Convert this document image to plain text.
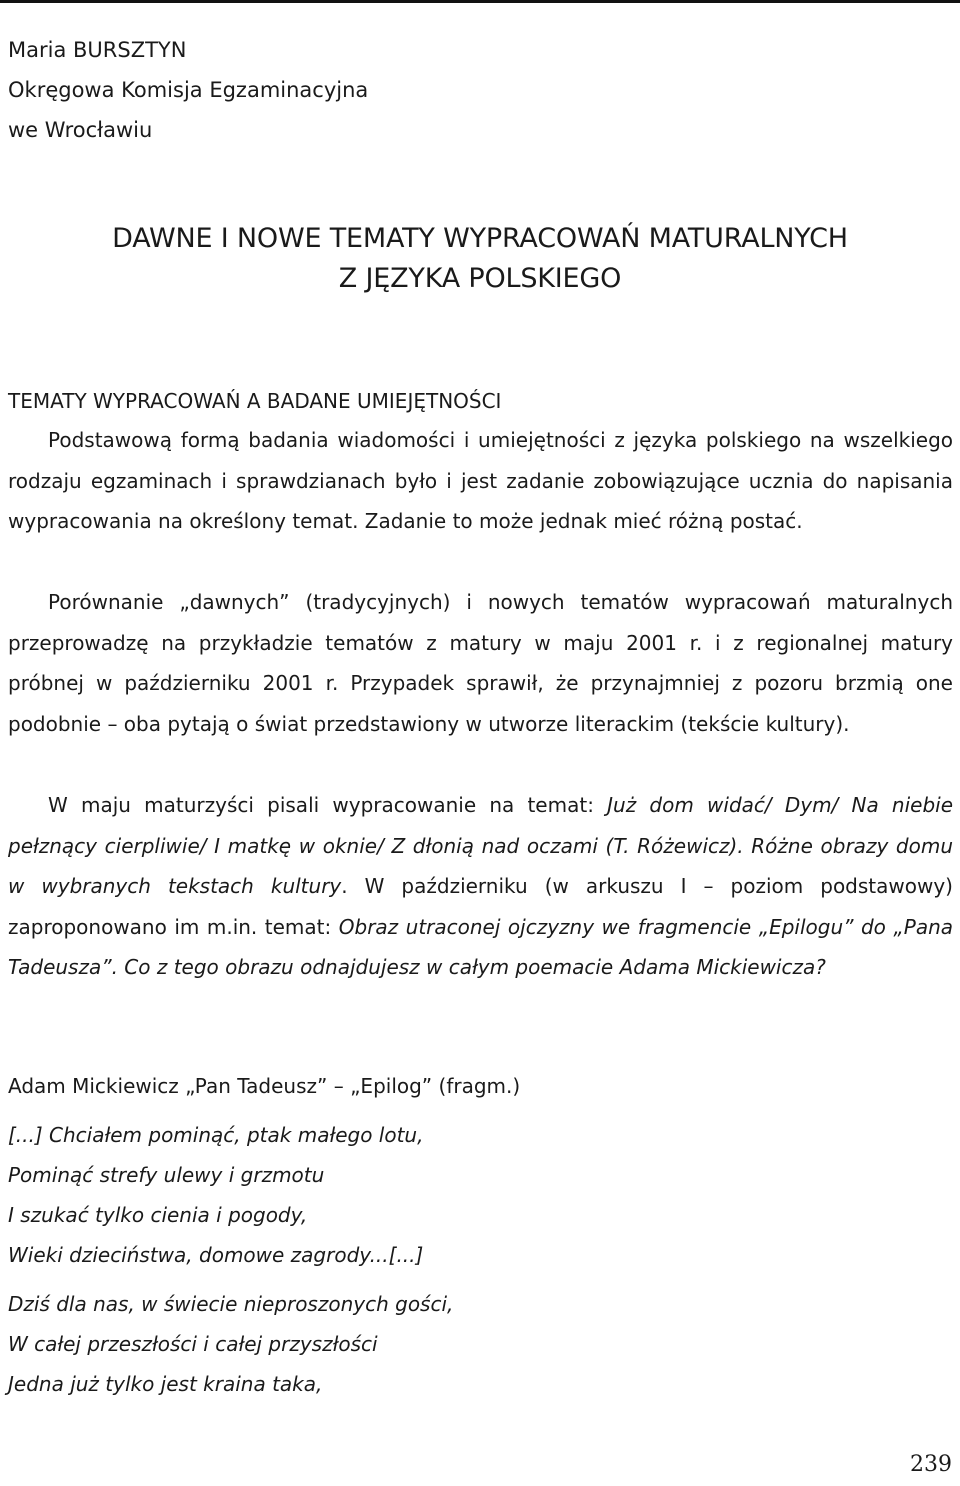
Maria BURSZTYN
Okręgowa Komisja Egzaminacyjna
we Wrocławiu
DAWNE I NOWE TEMATY WYPRACOWAŃ MATURALNYCH
Z JĘZYKA POLSKIEGO
TEMATY WYPRACOWAŃ A BADANE UMIEJĘTNOŚCI

Podstawową formą badania wiadomości i umiejętności z języka polskiego na wszelkiego rodzaju egzaminach i sprawdzianach było i jest zadanie zobowiązujące ucznia do napisania wypracowania na określony temat. Zadanie to może jednak mieć różną postać.

Porównanie „dawnych” (tradycyjnych) i nowych tematów wypracowań maturalnych przeprowadzę na przykładzie tematów z matury w maju 2001 r. i z regionalnej matury próbnej w październiku 2001 r. Przypadek sprawił, że przynajmniej z pozoru brzmią one podobnie – oba pytają o świat przedstawiony w utworze literackim (tekście kultury).

W maju maturzyści pisali wypracowanie na temat: Już dom widać/ Dym/ Na niebie pełznący cierpliwie/ I matkę w oknie/ Z dłonią nad oczami (T. Różewicz). Różne obrazy domu w wybranych tekstach kultury. W październiku (w arkuszu I – poziom podstawowy) zaproponowano im m.in. temat: Obraz utraconej ojczyzny we fragmencie „Epilogu” do „Pana Tadeusza”. Co z tego obrazu odnajdujesz w całym poemacie Adama Mickiewicza?

Adam Mickiewicz „Pan Tadeusz” – „Epilog” (fragm.)

[...] Chciałem pominąć, ptak małego lotu,
Pominąć strefy ulewy i grzmotu
I szukać tylko cienia i pogody,
Wieki dzieciństwa, domowe zagrody...[...]
Dziś dla nas, w świecie nieproszonych gości,
W całej przeszłości i całej przyszłości
Jedna już tylko jest kraina taka,
239
